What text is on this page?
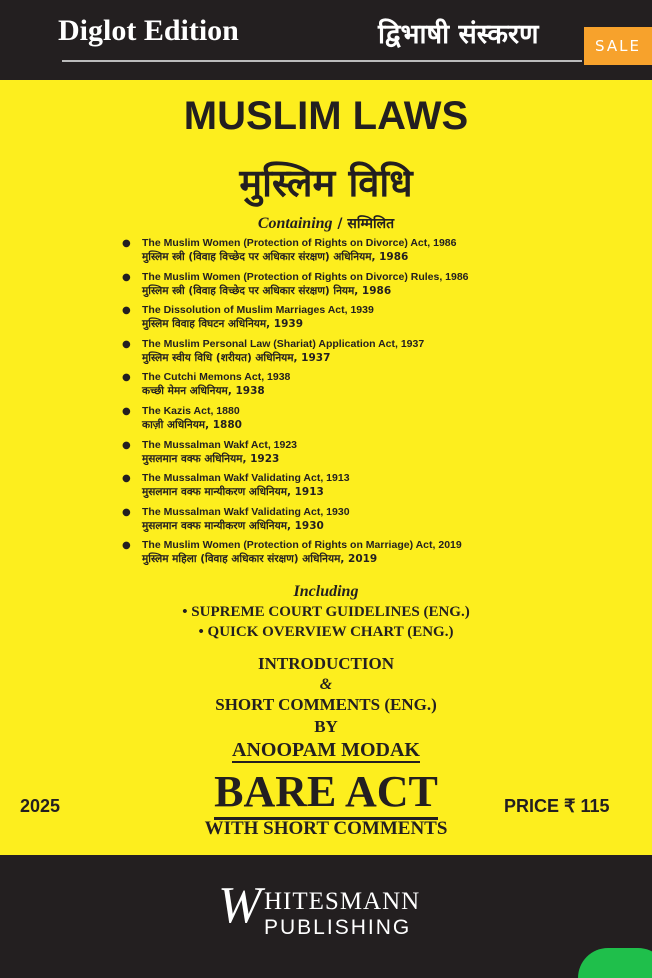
Diglot Edition	द्विभाषी संस्करण	SALE
MUSLIM LAWS
मुस्लिम विधि
Containing / सम्मिलित
● The Muslim Women (Protection of Rights on Divorce) Act, 1986
मुस्लिम स्त्री (विवाह विच्छेद पर अधिकार संरक्षण) अधिनियम, 1986
● The Muslim Women (Protection of Rights on Divorce) Rules, 1986
मुस्लिम स्त्री (विवाह विच्छेद पर अधिकार संरक्षण) नियम, 1986
● The Dissolution of Muslim Marriages Act, 1939
मुस्लिम विवाह विघटन अधिनियम, 1939
● The Muslim Personal Law (Shariat) Application Act, 1937
मुस्लिम स्वीय विधि (शरीयत) अधिनियम, 1937
● The Cutchi Memons Act, 1938
कच्छी मेमन अधिनियम, 1938
● The Kazis Act, 1880
काज़ी अधिनियम, 1880
● The Mussalman Wakf Act, 1923
मुसलमान वक्फ अधिनियम, 1923
● The Mussalman Wakf Validating Act, 1913
मुसलमान वक्फ मान्यीकरण अधिनियम, 1913
● The Mussalman Wakf Validating Act, 1930
मुसलमान वक्फ मान्यीकरण अधिनियम, 1930
● The Muslim Women (Protection of Rights on Marriage) Act, 2019
मुस्लिम महिला (विवाह अधिकार संरक्षण) अधिनियम, 2019
Including
• SUPREME COURT GUIDELINES (ENG.)
• QUICK OVERVIEW CHART (ENG.)
INTRODUCTION
&
SHORT COMMENTS (ENG.)
BY
ANOOPAM MODAK
2025	BARE ACT	PRICE ₹ 115
WITH SHORT COMMENTS
W HITESMANN
PUBLISHING
